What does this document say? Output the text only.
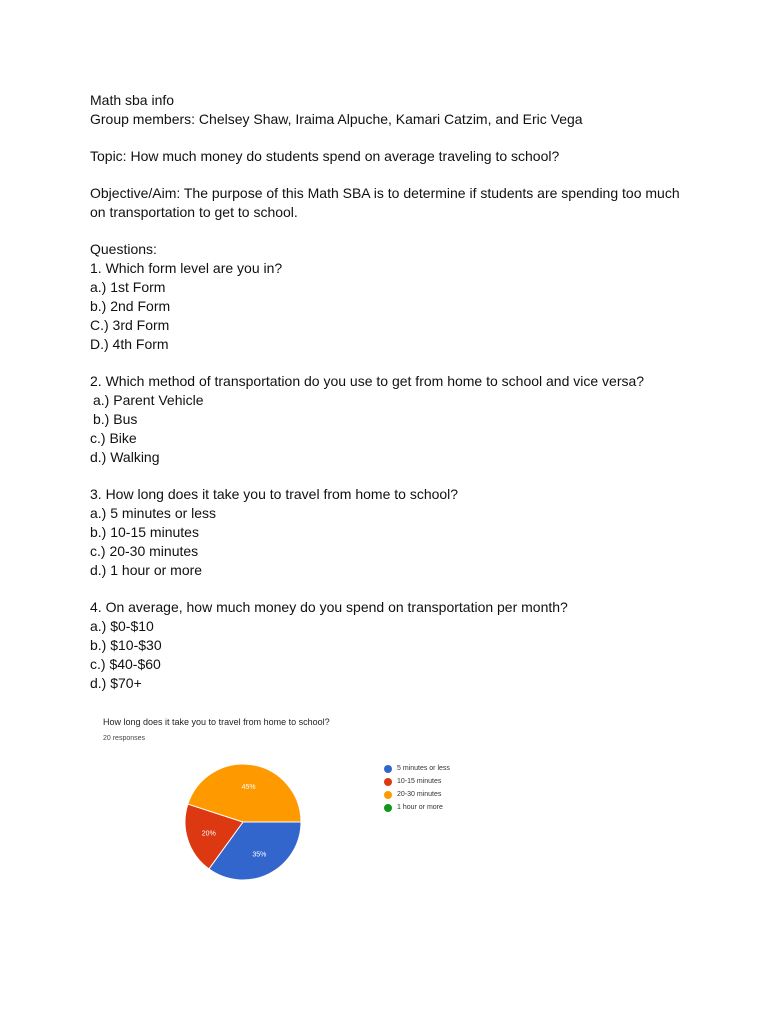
Math sba info
Group members: Chelsey Shaw, Iraima Alpuche, Kamari Catzim, and Eric Vega
Topic: How much money do students spend on average traveling to school?
Objective/Aim: The purpose of this Math SBA is to determine if students are spending too much
on transportation to get to school.
Questions:
1. Which form level are you in?
a.) 1st Form
b.) 2nd Form
C.) 3rd Form
D.) 4th Form
2. Which method of transportation do you use to get from home to school and vice versa?
a.) Parent Vehicle
b.) Bus
c.) Bike
d.) Walking
3. How long does it take you to travel from home to school?
a.) 5 minutes or less
b.) 10-15 minutes
c.) 20-30 minutes
d.) 1 hour or more
4. On average, how much money do you spend on transportation per month?
a.) $0-$10
b.) $10-$30
c.) $40-$60
d.) $70+
How long does it take you to travel from home to school?
20 responses
35%
20%
45%
5 minutes or less
10-15 minutes
20-30 minutes
1 hour or more
